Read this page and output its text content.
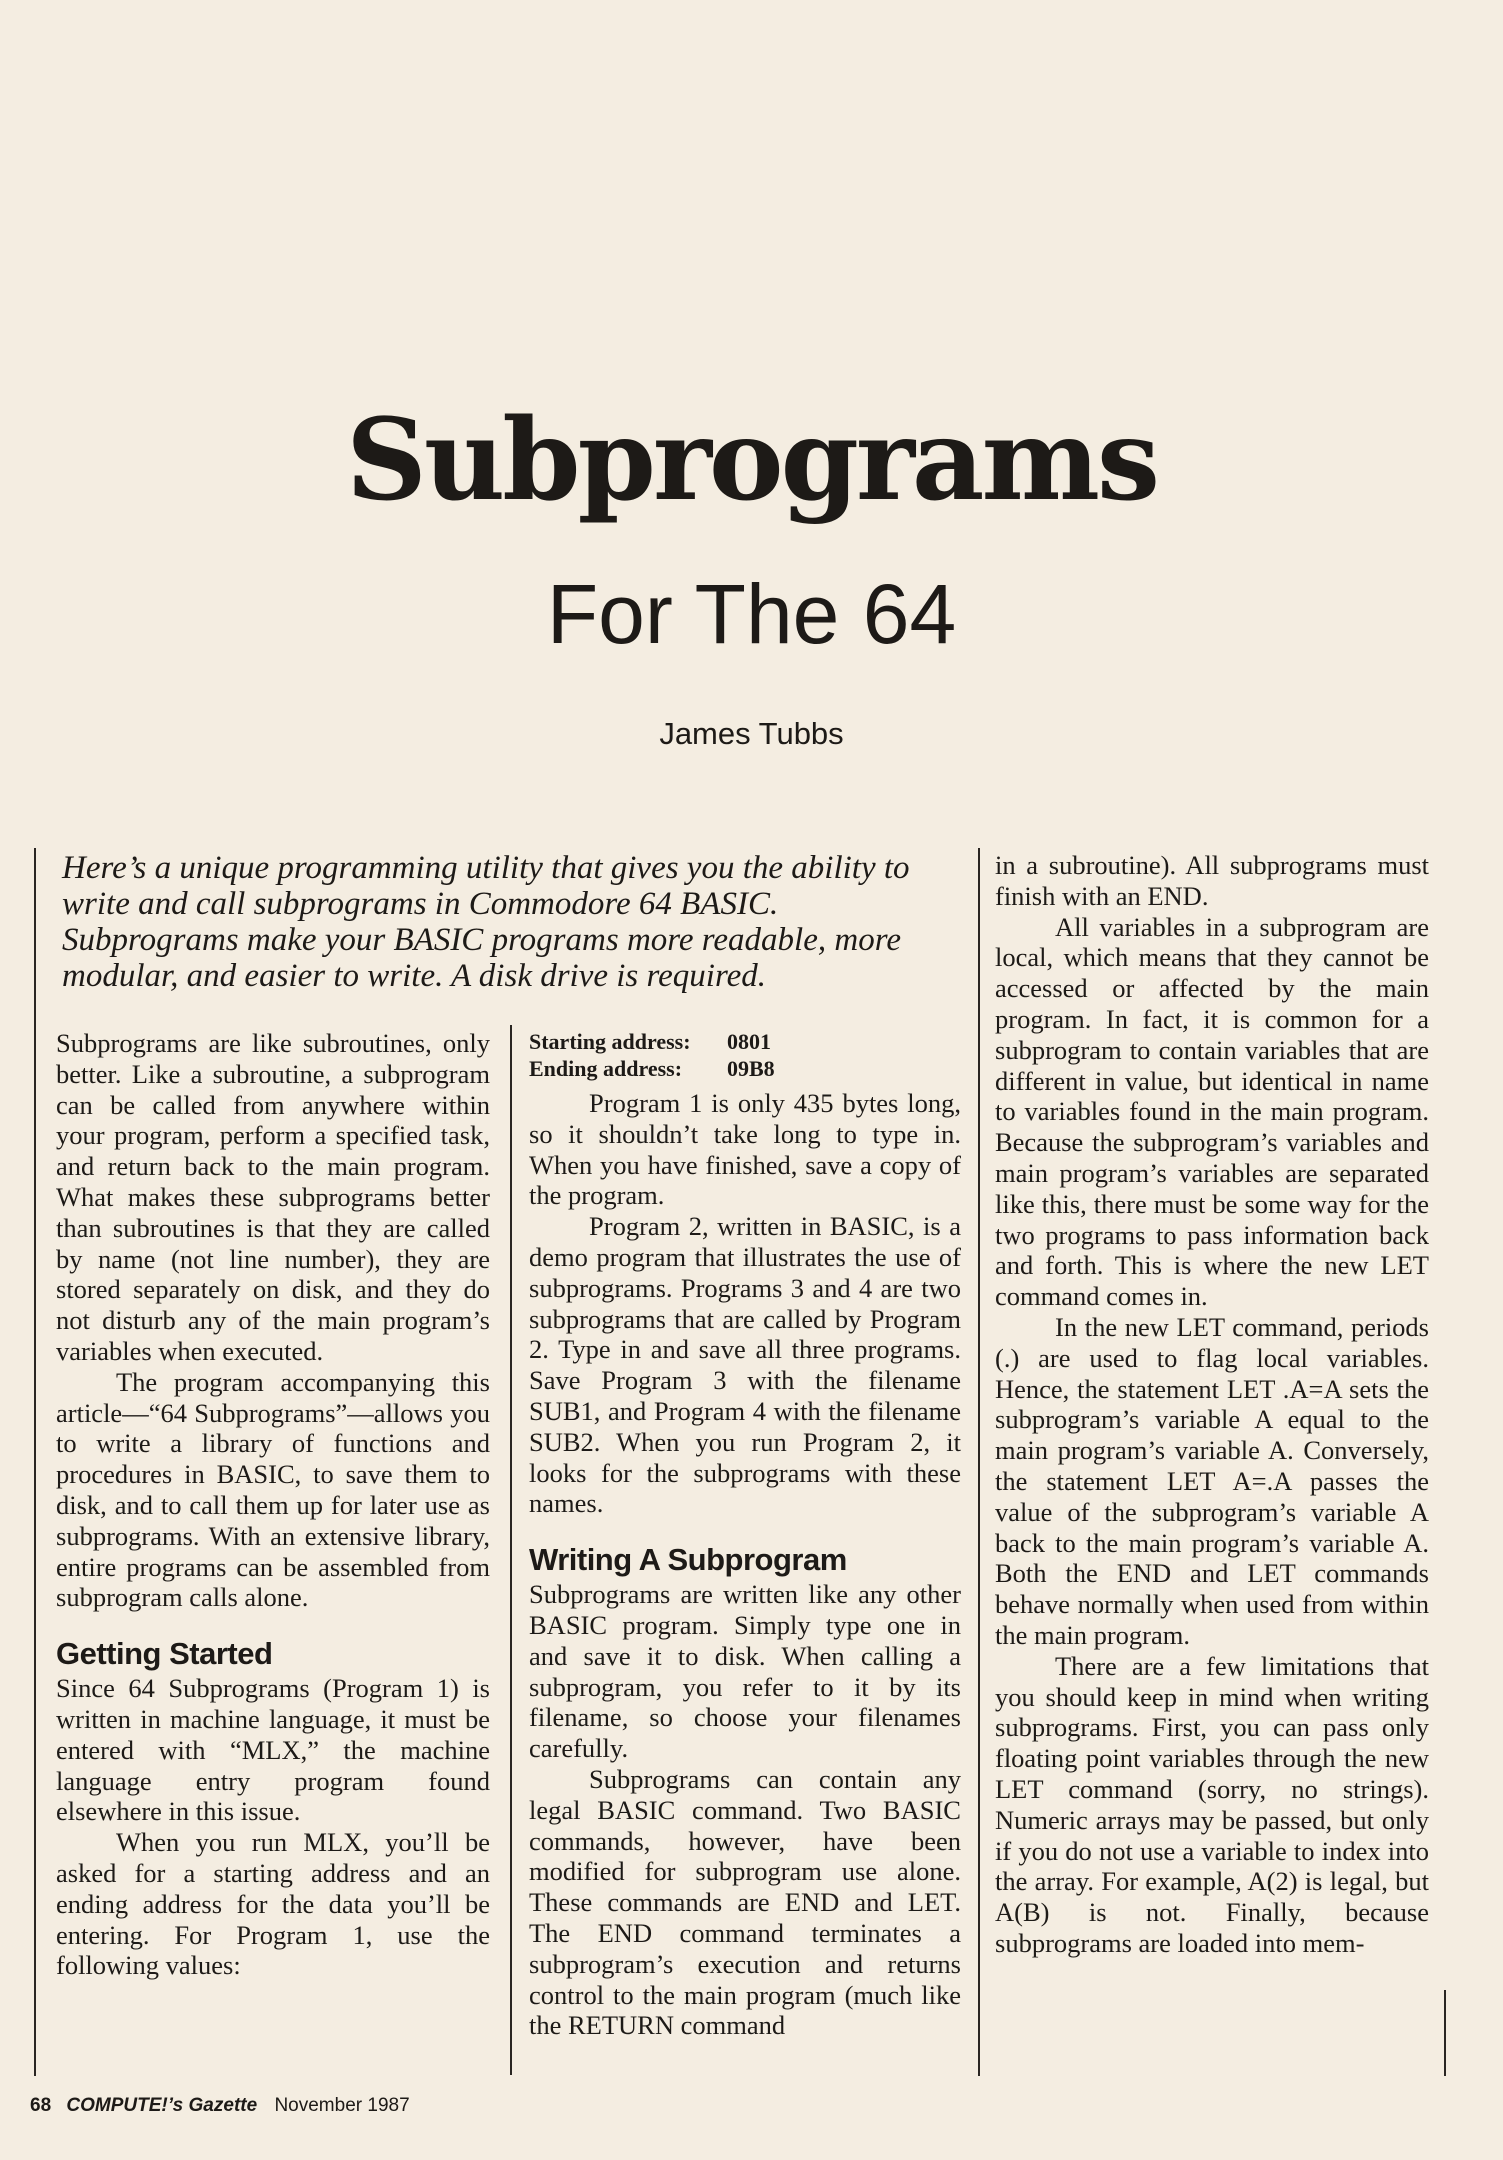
Subprograms
For The 64
James Tubbs
Here’s a unique programming utility that gives you the ability to write and call subprograms in Commodore 64 BASIC. Subprograms make your BASIC programs more readable, more modular, and easier to write. A disk drive is required.

Subprograms are like subroutines, only better. Like a subroutine, a subprogram can be called from anywhere within your program, perform a specified task, and return back to the main program. What makes these subprograms better than subroutines is that they are called by name (not line number), they are stored separately on disk, and they do not disturb any of the main program’s variables when executed.

The program accompanying this article—“64 Subprograms”—allows you to write a library of functions and procedures in BASIC, to save them to disk, and to call them up for later use as subprograms. With an extensive library, entire programs can be assembled from subprogram calls alone.

Getting Started

Since 64 Subprograms (Program 1) is written in machine language, it must be entered with “MLX,” the machine language entry program found elsewhere in this issue.

When you run MLX, you’ll be asked for a starting address and an ending address for the data you’ll be entering. For Program 1, use the following values:

Starting address:	0801
Ending address:	09B8

Program 1 is only 435 bytes long, so it shouldn’t take long to type in. When you have finished, save a copy of the program.

Program 2, written in BASIC, is a demo program that illustrates the use of subprograms. Programs 3 and 4 are two subprograms that are called by Program 2. Type in and save all three programs. Save Program 3 with the filename SUB1, and Program 4 with the filename SUB2. When you run Program 2, it looks for the subprograms with these names.

Writing A Subprogram

Subprograms are written like any other BASIC program. Simply type one in and save it to disk. When calling a subprogram, you refer to it by its filename, so choose your filenames carefully.

Subprograms can contain any legal BASIC command. Two BASIC commands, however, have been modified for subprogram use alone. These commands are END and LET. The END command terminates a subprogram’s execution and returns control to the main program (much like the RETURN command

in a subroutine). All subprograms must finish with an END.

All variables in a subprogram are local, which means that they cannot be accessed or affected by the main program. In fact, it is common for a subprogram to contain variables that are different in value, but identical in name to variables found in the main program. Because the subprogram’s variables and main program’s variables are separated like this, there must be some way for the two programs to pass information back and forth. This is where the new LET command comes in.

In the new LET command, periods (.) are used to flag local variables. Hence, the statement LET .A=A sets the subprogram’s variable A equal to the main program’s variable A. Conversely, the statement LET A=.A passes the value of the subprogram’s variable A back to the main program’s variable A. Both the END and LET commands behave normally when used from within the main program.

There are a few limitations that you should keep in mind when writing subprograms. First, you can pass only floating point variables through the new LET command (sorry, no strings). Numeric arrays may be passed, but only if you do not use a variable to index into the array. For example, A(2) is legal, but A(B) is not. Finally, because subprograms are loaded into mem-

68 COMPUTE!’s Gazette November 1987
